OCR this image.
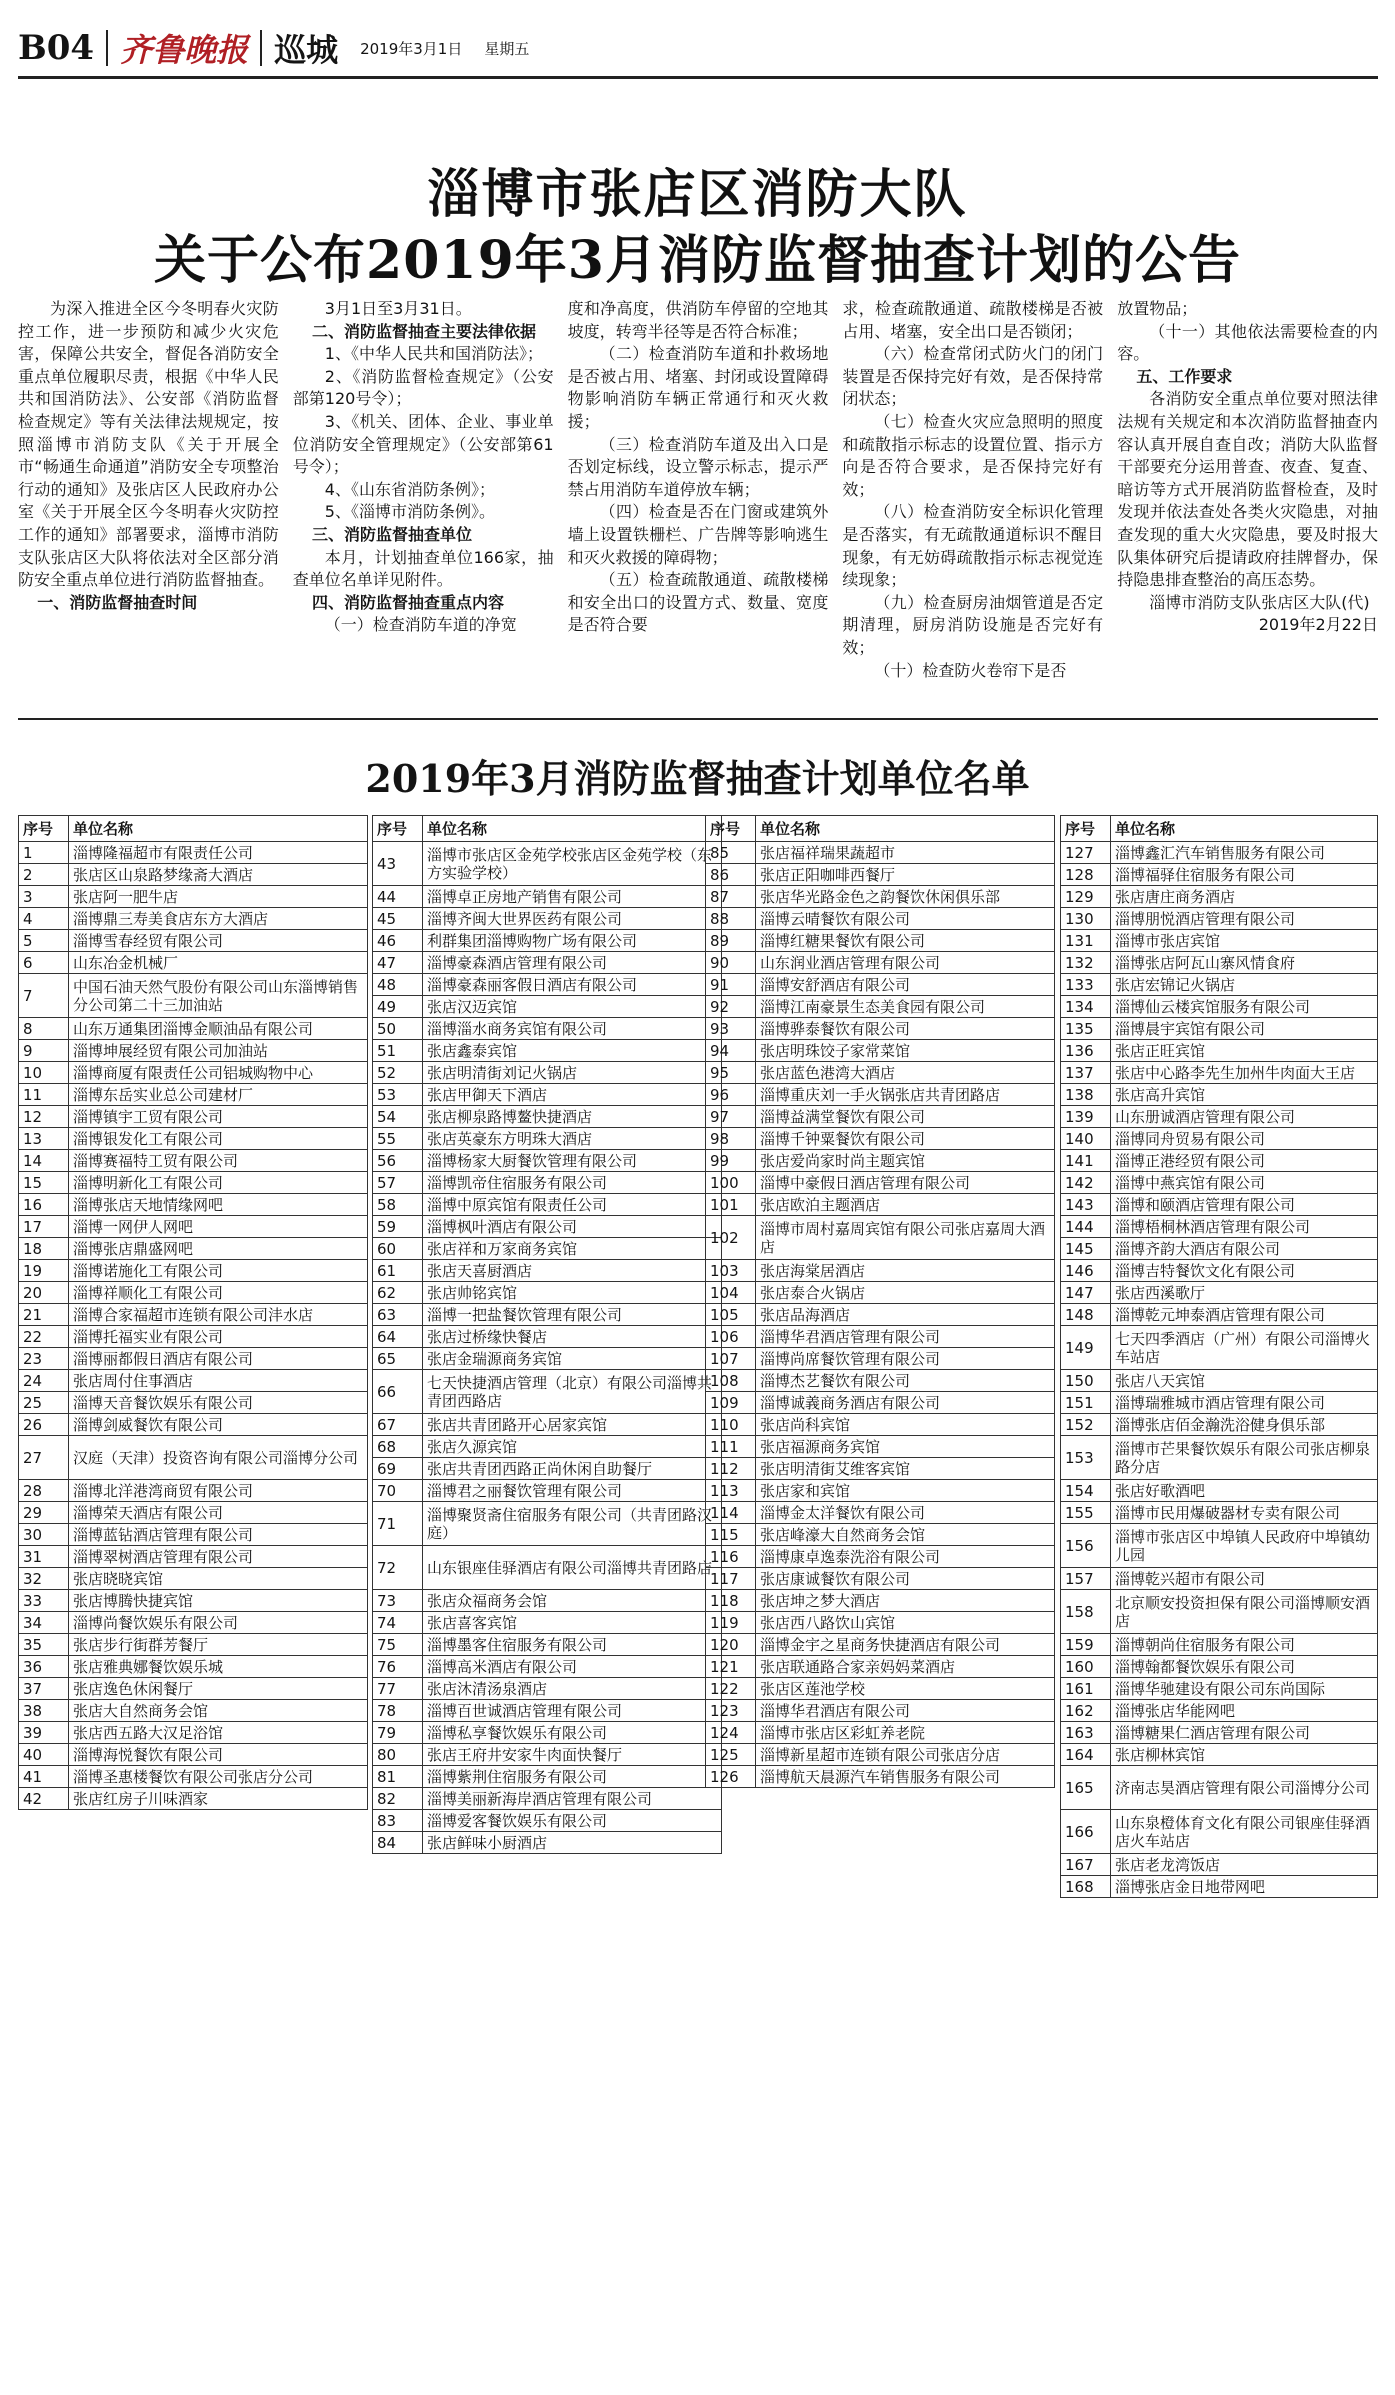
B04 齐鲁晚报 巡城 2019年3月1日 星期五
淄博市张店区消防大队
关于公布2019年3月消防监督抽查计划的公告

为深入推进全区今冬明春火灾防控工作，进一步预防和减少火灾危害，保障公共安全，督促各消防安全重点单位履职尽责，根据《中华人民共和国消防法》、公安部《消防监督检查规定》等有关法律法规规定，按照淄博市消防支队《关于开展全市“畅通生命通道”消防安全专项整治行动的通知》及张店区人民政府办公室《关于开展全区今冬明春火灾防控工作的通知》部署要求，淄博市消防支队张店区大队将依法对全区部分消防安全重点单位进行消防监督抽查。

一、消防监督抽查时间

3月1日至3月31日。

二、消防监督抽查主要法律依据

1、《中华人民共和国消防法》；

2、《消防监督检查规定》（公安部第120号令）；

3、《机关、团体、企业、事业单位消防安全管理规定》（公安部第61号令）；

4、《山东省消防条例》；

5、《淄博市消防条例》。

三、消防监督抽查单位

本月，计划抽查单位166家，抽查单位名单详见附件。

四、消防监督抽查重点内容

（一）检查消防车道的净宽

度和净高度，供消防车停留的空地其坡度，转弯半径等是否符合标准；

（二）检查消防车道和扑救场地是否被占用、堵塞、封闭或设置障碍物影响消防车辆正常通行和灭火救援；

（三）检查消防车道及出入口是否划定标线，设立警示标志，提示严禁占用消防车道停放车辆；

（四）检查是否在门窗或建筑外墙上设置铁栅栏、广告牌等影响逃生和灭火救援的障碍物；

（五）检查疏散通道、疏散楼梯和安全出口的设置方式、数量、宽度是否符合要

求，检查疏散通道、疏散楼梯是否被占用、堵塞，安全出口是否锁闭；

（六）检查常闭式防火门的闭门装置是否保持完好有效，是否保持常闭状态；

（七）检查火灾应急照明的照度和疏散指示标志的设置位置、指示方向是否符合要求，是否保持完好有效；

（八）检查消防安全标识化管理是否落实，有无疏散通道标识不醒目现象，有无妨碍疏散指示标志视觉连续现象；

（九）检查厨房油烟管道是否定期清理，厨房消防设施是否完好有效；

（十）检查防火卷帘下是否

放置物品；

（十一）其他依法需要检查的内容。

五、工作要求

各消防安全重点单位要对照法律法规有关规定和本次消防监督抽查内容认真开展自查自改；消防大队监督干部要充分运用普查、夜查、复查、暗访等方式开展消防监督检查，及时发现并依法查处各类火灾隐患，对抽查发现的重大火灾隐患，要及时报大队集体研究后提请政府挂牌督办，保持隐患排查整治的高压态势。

淄博市消防支队张店区大队(代)

2019年2月22日

2019年3月消防监督抽查计划单位名单
序号	单位名称
1	淄博隆福超市有限责任公司
2	张店区山泉路梦缘斋大酒店
3	张店阿一肥牛店
4	淄博鼎三寿美食店东方大酒店
5	淄博雪春经贸有限公司
6	山东冶金机械厂
7	中国石油天然气股份有限公司山东淄博销售分公司第二十三加油站
8	山东万通集团淄博金顺油品有限公司
9	淄博坤展经贸有限公司加油站
10	淄博商厦有限责任公司铝城购物中心
11	淄博东岳实业总公司建材厂
12	淄博镇宇工贸有限公司
13	淄博银发化工有限公司
14	淄博赛福特工贸有限公司
15	淄博明新化工有限公司
16	淄博张店天地情缘网吧
17	淄博一网伊人网吧
18	淄博张店鼎盛网吧
19	淄博诺施化工有限公司
20	淄博祥顺化工有限公司
21	淄博合家福超市连锁有限公司沣水店
22	淄博托福实业有限公司
23	淄博丽都假日酒店有限公司
24	张店周付住事酒店
25	淄博天音餐饮娱乐有限公司
26	淄博剑威餐饮有限公司
27	汉庭（天津）投资咨询有限公司淄博分公司
28	淄博北洋港湾商贸有限公司
29	淄博荣天酒店有限公司
30	淄博蓝钻酒店管理有限公司
31	淄博翠树酒店管理有限公司
32	张店晓晓宾馆
33	张店博腾快捷宾馆
34	淄博尚餐饮娱乐有限公司
35	张店步行街群芳餐厅
36	张店雅典娜餐饮娱乐城
37	张店逸色休闲餐厅
38	张店大自然商务会馆
39	张店西五路大汉足浴馆
40	淄博海悦餐饮有限公司
41	淄博圣惠楼餐饮有限公司张店分公司
42	张店红房子川味酒家
序号	单位名称
43	淄博市张店区金苑学校张店区金苑学校（东方实验学校）
44	淄博卓正房地产销售有限公司
45	淄博齐闽大世界医药有限公司
46	利群集团淄博购物广场有限公司
47	淄博豪森酒店管理有限公司
48	淄博豪森丽客假日酒店有限公司
49	张店汉迈宾馆
50	淄博淄水商务宾馆有限公司
51	张店鑫泰宾馆
52	张店明清街刘记火锅店
53	张店甲御天下酒店
54	张店柳泉路博鳌快捷酒店
55	张店英豪东方明珠大酒店
56	淄博杨家大厨餐饮管理有限公司
57	淄博凯帝住宿服务有限公司
58	淄博中原宾馆有限责任公司
59	淄博枫叶酒店有限公司
60	张店祥和万家商务宾馆
61	张店天喜厨酒店
62	张店帅铭宾馆
63	淄博一把盐餐饮管理有限公司
64	张店过桥缘快餐店
65	张店金瑞源商务宾馆
66	七天快捷酒店管理（北京）有限公司淄博共青团西路店
67	张店共青团路开心居家宾馆
68	张店久源宾馆
69	张店共青团西路正尚休闲自助餐厅
70	淄博君之丽餐饮管理有限公司
71	淄博聚贤斋住宿服务有限公司（共青团路汉庭）
72	山东银座佳驿酒店有限公司淄博共青团路店
73	张店众福商务会馆
74	张店喜客宾馆
75	淄博墨客住宿服务有限公司
76	淄博高米酒店有限公司
77	张店沐清汤泉酒店
78	淄博百世诚酒店管理有限公司
79	淄博私享餐饮娱乐有限公司
80	张店王府井安家牛肉面快餐厅
81	淄博紫荆住宿服务有限公司
82	淄博美丽新海岸酒店管理有限公司
83	淄博爱客餐饮娱乐有限公司
84	张店鲜味小厨酒店
序号	单位名称
85	张店福祥瑞果蔬超市
86	张店正阳咖啡西餐厅
87	张店华光路金色之韵餐饮休闲俱乐部
88	淄博云晴餐饮有限公司
89	淄博红糖果餐饮有限公司
90	山东润业酒店管理有限公司
91	淄博安舒酒店有限公司
92	淄博江南豪景生态美食园有限公司
93	淄博骅泰餐饮有限公司
94	张店明珠饺子家常菜馆
95	张店蓝色港湾大酒店
96	淄博重庆刘一手火锅张店共青团路店
97	淄博益满堂餐饮有限公司
98	淄博千钟粟餐饮有限公司
99	张店爱尚家时尚主题宾馆
100	淄博中豪假日酒店管理有限公司
101	张店欧泊主题酒店
102	淄博市周村嘉周宾馆有限公司张店嘉周大酒店
103	张店海棠居酒店
104	张店泰合火锅店
105	张店品海酒店
106	淄博华君酒店管理有限公司
107	淄博尚席餐饮管理有限公司
108	淄博杰艺餐饮有限公司
109	淄博诚義商务酒店有限公司
110	张店尚科宾馆
111	张店福源商务宾馆
112	张店明清街艾维客宾馆
113	张店家和宾馆
114	淄博金太洋餐饮有限公司
115	张店峰濠大自然商务会馆
116	淄博康卓逸泰洗浴有限公司
117	张店康诚餐饮有限公司
118	张店坤之梦大酒店
119	张店西八路饮山宾馆
120	淄博金宇之星商务快捷酒店有限公司
121	张店联通路合家亲妈妈菜酒店
122	张店区莲池学校
123	淄博华君酒店有限公司
124	淄博市张店区彩虹养老院
125	淄博新星超市连锁有限公司张店分店
126	淄博航天晨源汽车销售服务有限公司
序号	单位名称
127	淄博鑫汇汽车销售服务有限公司
128	淄博福驿住宿服务有限公司
129	张店唐庄商务酒店
130	淄博朋悦酒店管理有限公司
131	淄博市张店宾馆
132	淄博张店阿瓦山寨风情食府
133	张店宏锦记火锅店
134	淄博仙云楼宾馆服务有限公司
135	淄博晨宇宾馆有限公司
136	张店正旺宾馆
137	张店中心路李先生加州牛肉面大王店
138	张店高升宾馆
139	山东册诚酒店管理有限公司
140	淄博同舟贸易有限公司
141	淄博正港经贸有限公司
142	淄博中燕宾馆有限公司
143	淄博和颐酒店管理有限公司
144	淄博梧桐林酒店管理有限公司
145	淄博齐韵大酒店有限公司
146	淄博吉特餐饮文化有限公司
147	张店西溪歌厅
148	淄博乾元坤泰酒店管理有限公司
149	七天四季酒店（广州）有限公司淄博火车站店
150	张店八天宾馆
151	淄博瑞雅城市酒店管理有限公司
152	淄博张店佰金瀚洗浴健身俱乐部
153	淄博市芒果餐饮娱乐有限公司张店柳泉路分店
154	张店好歌酒吧
155	淄博市民用爆破器材专卖有限公司
156	淄博市张店区中埠镇人民政府中埠镇幼儿园
157	淄博乾兴超市有限公司
158	北京顺安投资担保有限公司淄博顺安酒店
159	淄博朝尚住宿服务有限公司
160	淄博翰都餐饮娱乐有限公司
161	淄博华驰建设有限公司东尚国际
162	淄博张店华能网吧
163	淄博糖果仁酒店管理有限公司
164	张店柳林宾馆
165	济南志昊酒店管理有限公司淄博分公司
166	山东泉橙体育文化有限公司银座佳驿酒店火车站店
167	张店老龙湾饭店
168	淄博张店金日地带网吧
